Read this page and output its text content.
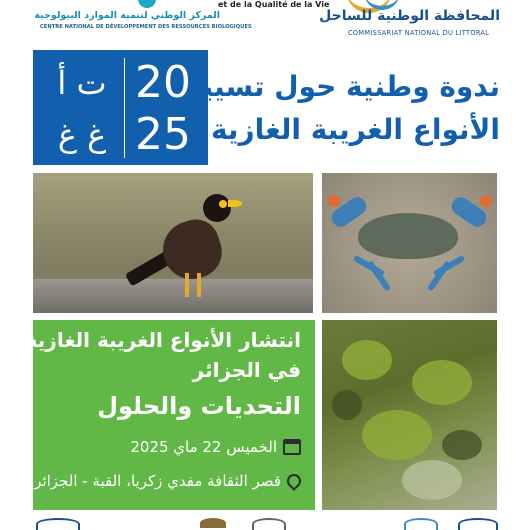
المركز الوطني لتنمية الموارد البيولوجية
CENTRE NATIONAL DE DÉVELOPPEMENT DES RESSOURCES BIOLOGIQUES
et de la Qualité de la Vie
المحافظة الوطنية للساحل
COMMISSARIAT NATIONAL DU LITTORAL
ت أ
غ غ
20
25
ندوة وطنية حول تسيير
الأنواع الغريبة الغازية
انتشار الأنواع الغريبة الغازية
في الجزائر
التحديات والحلول
الخميس 22 ماي 2025
قصر الثقافة مفدي زكريا، القبة - الجزائر
